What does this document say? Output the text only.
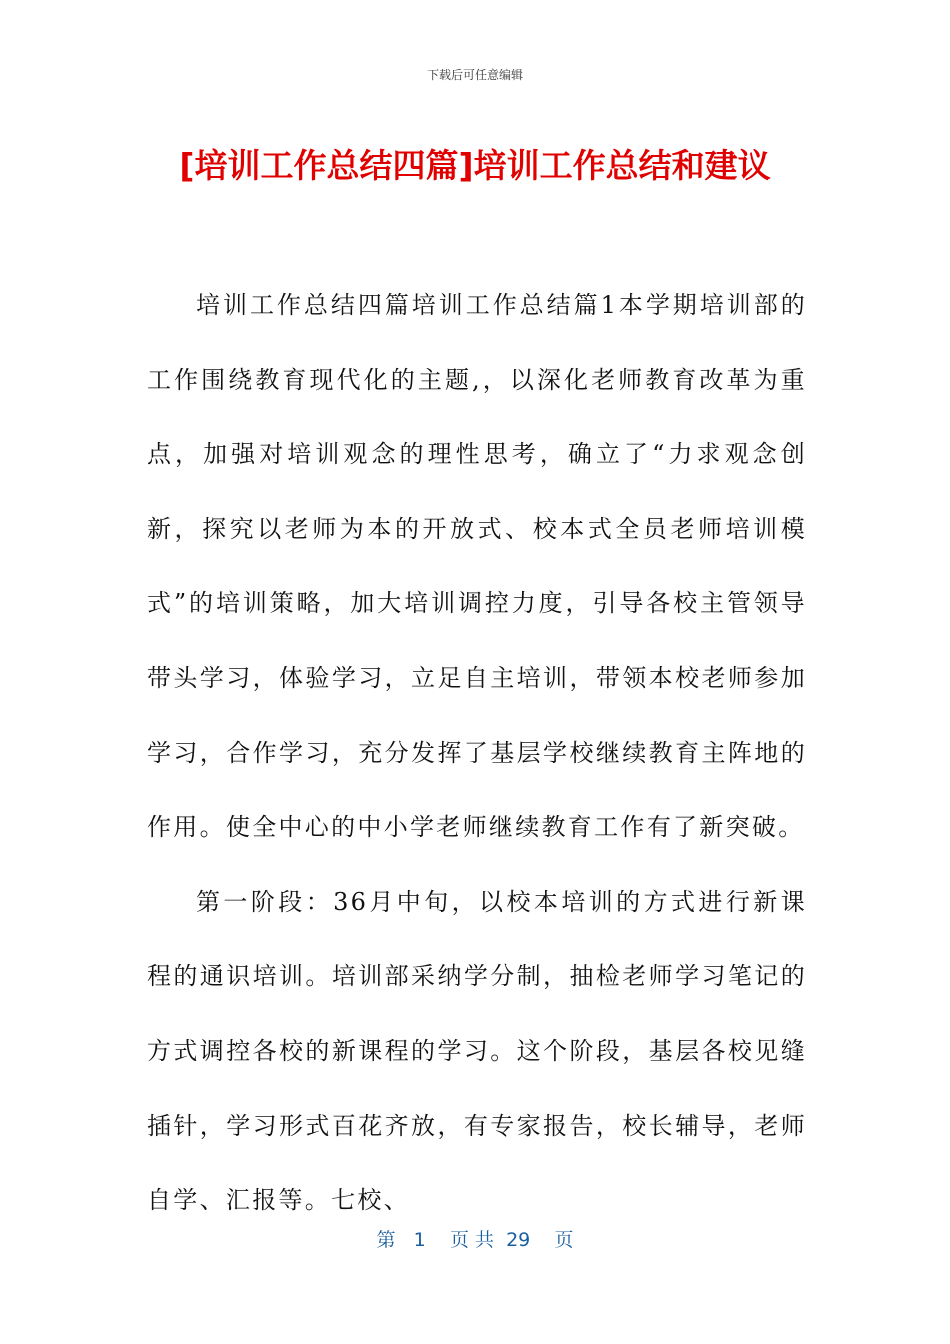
下载后可任意编辑
[培训工作总结四篇]培训工作总结和建议

培训工作总结四篇培训工作总结篇1本学期培训部的工作围绕教育现代化的主题,，以深化老师教育改革为重点，加强对培训观念的理性思考，确立了“力求观念创新，探究以老师为本的开放式、校本式全员老师培训模式”的培训策略，加大培训调控力度，引导各校主管领导带头学习，体验学习，立足自主培训，带领本校老师参加学习，合作学习，充分发挥了基层学校继续教育主阵地的作用。使全中心的中小学老师继续教育工作有了新突破。

第一阶段：36月中旬，以校本培训的方式进行新课程的通识培训。培训部采纳学分制，抽检老师学习笔记的方式调控各校的新课程的学习。这个阶段，基层各校见缝插针，学习形式百花齐放，有专家报告，校长辅导，老师自学、汇报等。七校、

第 1 页 共 29 页
